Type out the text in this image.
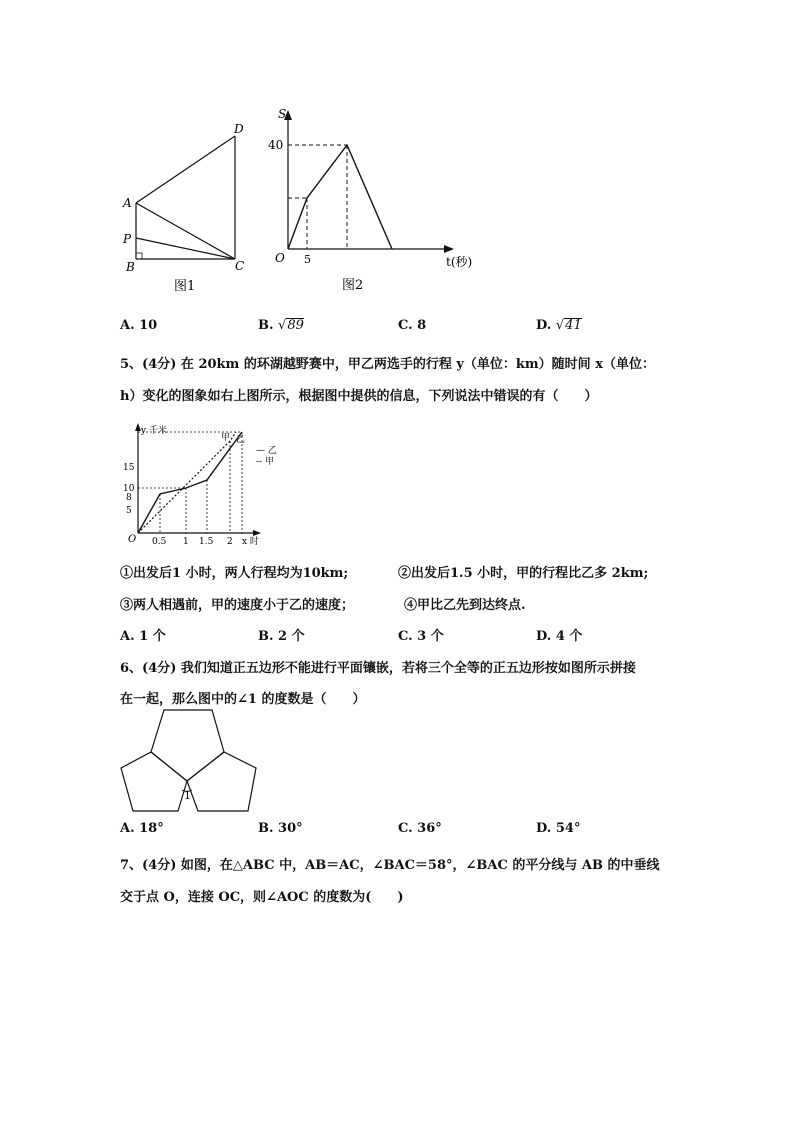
D
A
P
B	C
图1
S
40
O 5	t(秒)
图2
A. 10	B. √89	C. 8	D. √41
5、(4分) 在 20km 的环湖越野赛中，甲乙两选手的行程 y（单位：km）随时间 x（单位：
h）变化的图象如右上图所示，根据图中提供的信息，下列说法中错误的有（　　）
y 千米
甲 乙
— 乙
-- 甲
15
10
8
5
O 0.5 1 1.5 2 x 时
①出发后1 小时，两人行程均为10km;	②出发后1.5 小时，甲的行程比乙多 2km;
③两人相遇前，甲的速度小于乙的速度；	④甲比乙先到达终点.
A. 1 个	B. 2 个	C. 3 个	D. 4 个
6、(4分) 我们知道正五边形不能进行平面镶嵌，若将三个全等的正五边形按如图所示拼接
在一起，那么图中的∠1 的度数是（　　）
1
A. 18°	B. 30°	C. 36°	D. 54°
7、(4分) 如图，在△ABC 中，AB＝AC，∠BAC＝58°，∠BAC 的平分线与 AB 的中垂线
交于点 O，连接 OC，则∠AOC 的度数为(　　)
